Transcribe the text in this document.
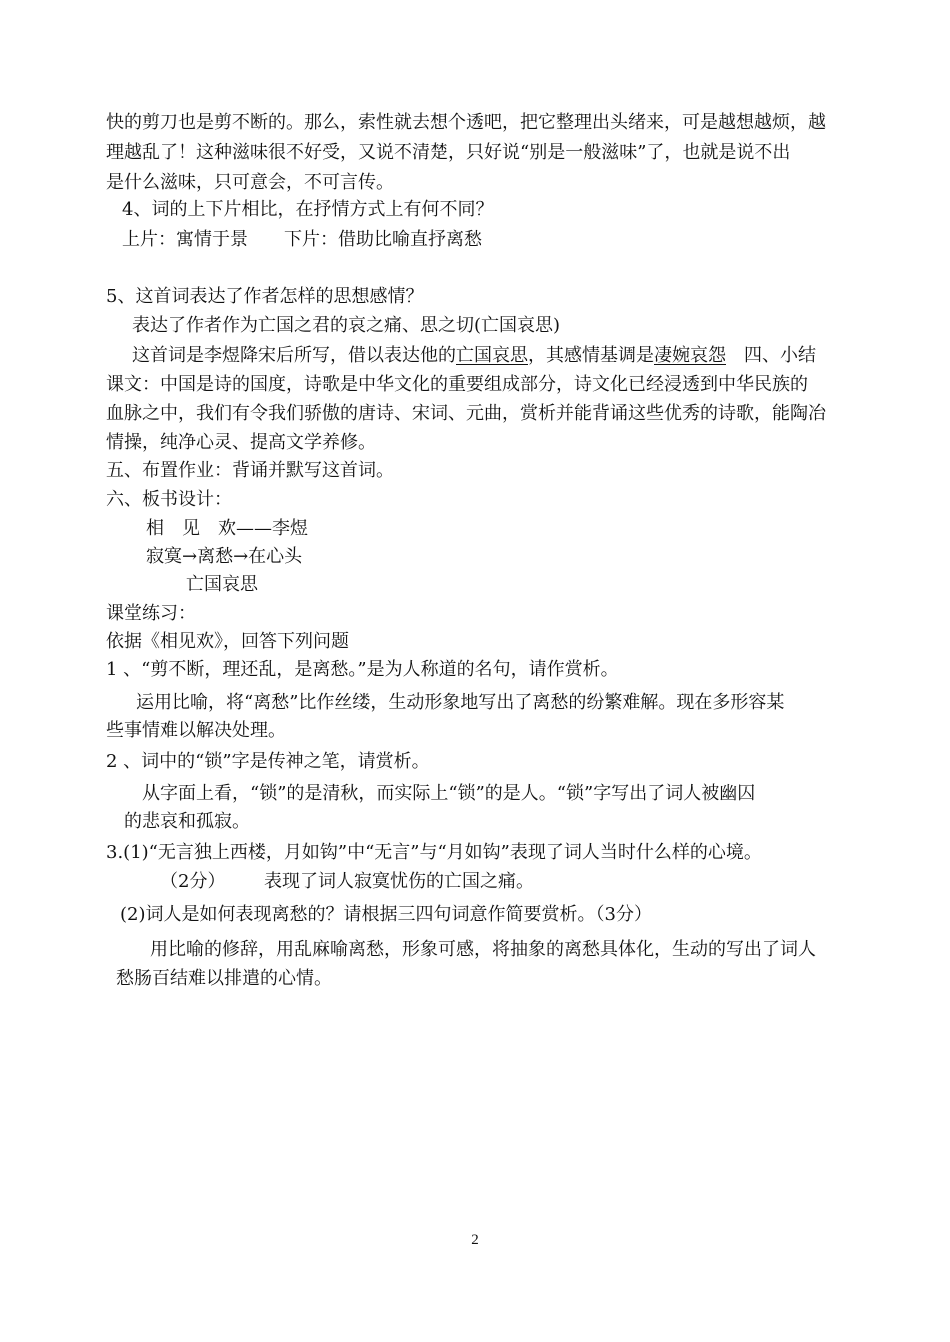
快的剪刀也是剪不断的。那么，索性就去想个透吧，把它整理出头绪来，可是越想越烦，越
理越乱了！这种滋味很不好受，又说不清楚，只好说“别是一般滋味”了，也就是说不出
是什么滋味，只可意会，不可言传。
4、词的上下片相比，在抒情方式上有何不同？
上片：寓情于景　　下片：借助比喻直抒离愁
5、这首词表达了作者怎样的思想感情？
表达了作者作为亡国之君的哀之痛、思之切(亡国哀思)
这首词是李煜降宋后所写，借以表达他的亡国哀思，其感情基调是凄婉哀怨　四、小结
课文：中国是诗的国度，诗歌是中华文化的重要组成部分，诗文化已经浸透到中华民族的
血脉之中，我们有令我们骄傲的唐诗、宋词、元曲，赏析并能背诵这些优秀的诗歌，能陶冶
情操，纯净心灵、提高文学养修。
五、布置作业：背诵并默写这首词。
六、板书设计：
相　见　欢——李煜
寂寞→离愁→在心头
亡国哀思
课堂练习：
依据《相见欢》，回答下列问题
1 、“剪不断，理还乱，是离愁。”是为人称道的名句，请作赏析。
运用比喻，将“离愁”比作丝缕，生动形象地写出了离愁的纷繁难解。现在多形容某
些事情难以解决处理。
2 、词中的“锁”字是传神之笔，请赏析。
从字面上看，“锁”的是清秋，而实际上“锁”的是人。“锁”字写出了词人被幽囚
的悲哀和孤寂。
3.(1)“无言独上西楼，月如钩”中“无言”与“月如钩”表现了词人当时什么样的心境。
（2分） 表现了词人寂寞忧伤的亡国之痛。
(2)词人是如何表现离愁的？请根据三四句词意作简要赏析。（3分）
用比喻的修辞，用乱麻喻离愁，形象可感，将抽象的离愁具体化，生动的写出了词人
愁肠百结难以排遣的心情。
2
